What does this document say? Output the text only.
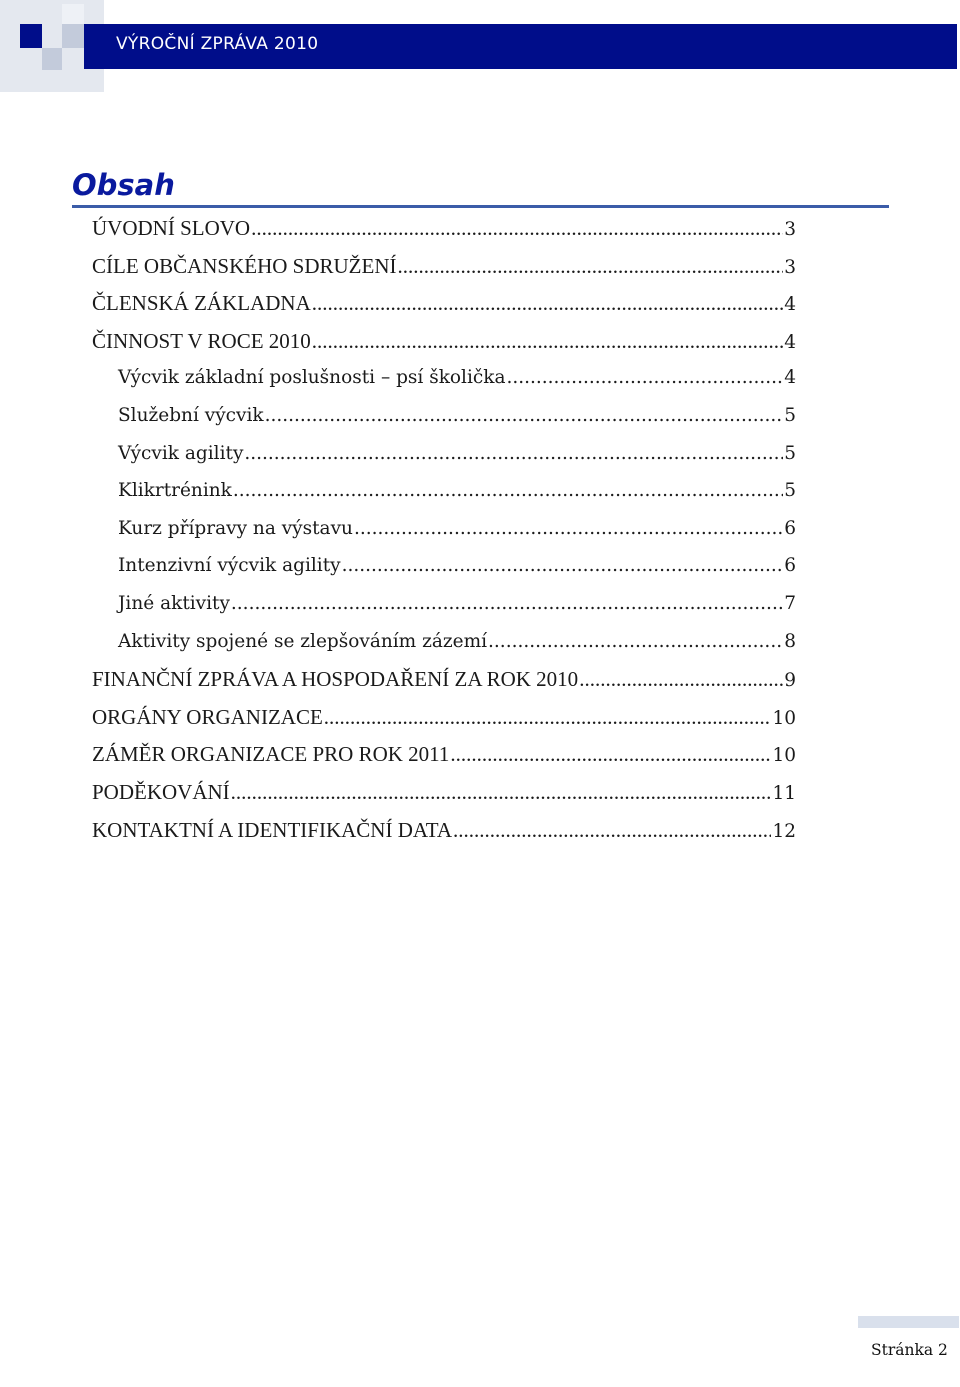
VÝROČNÍ ZPRÁVA 2010
Obsah
ÚVODNÍ SLOVO .....	3
CÍLE OBČANSKÉHO SDRUŽENÍ .....	3
ČLENSKÁ ZÁKLADNA .....	4
ČINNOST V ROCE 2010 .....	4
Výcvik základní poslušnosti – psí školička .....	4
Služební výcvik .....	5
Výcvik agility .....	5
Klikrtrénink .....	5
Kurz přípravy na výstavu .....	6
Intenzivní výcvik agility .....	6
Jiné aktivity .....	7
Aktivity spojené se zlepšováním zázemí .....	8
FINANČNÍ ZPRÁVA A HOSPODAŘENÍ ZA ROK 2010 .....	9
ORGÁNY ORGANIZACE .....	10
ZÁMĚR ORGANIZACE PRO ROK 2011 .....	10
PODĚKOVÁNÍ .....	11
KONTAKTNÍ A IDENTIFIKAČNÍ DATA .....	12
Stránka 2
